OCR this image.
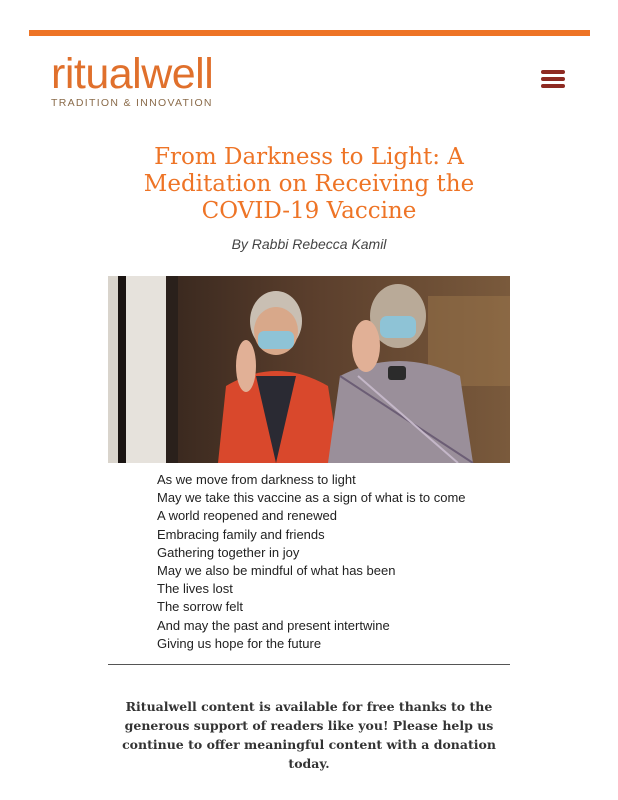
ritualwell
TRADITION & INNOVATION
From Darkness to Light: A Meditation on Receiving the COVID-19 Vaccine
By Rabbi Rebecca Kamil
As we move from darkness to light
May we take this vaccine as a sign of what is to come
A world reopened and renewed
Embracing family and friends
Gathering together in joy
May we also be mindful of what has been
The lives lost
The sorrow felt
And may the past and present intertwine
Giving us hope for the future
Ritualwell content is available for free thanks to the generous support of readers like you! Please help us continue to offer meaningful content with a donation today.
